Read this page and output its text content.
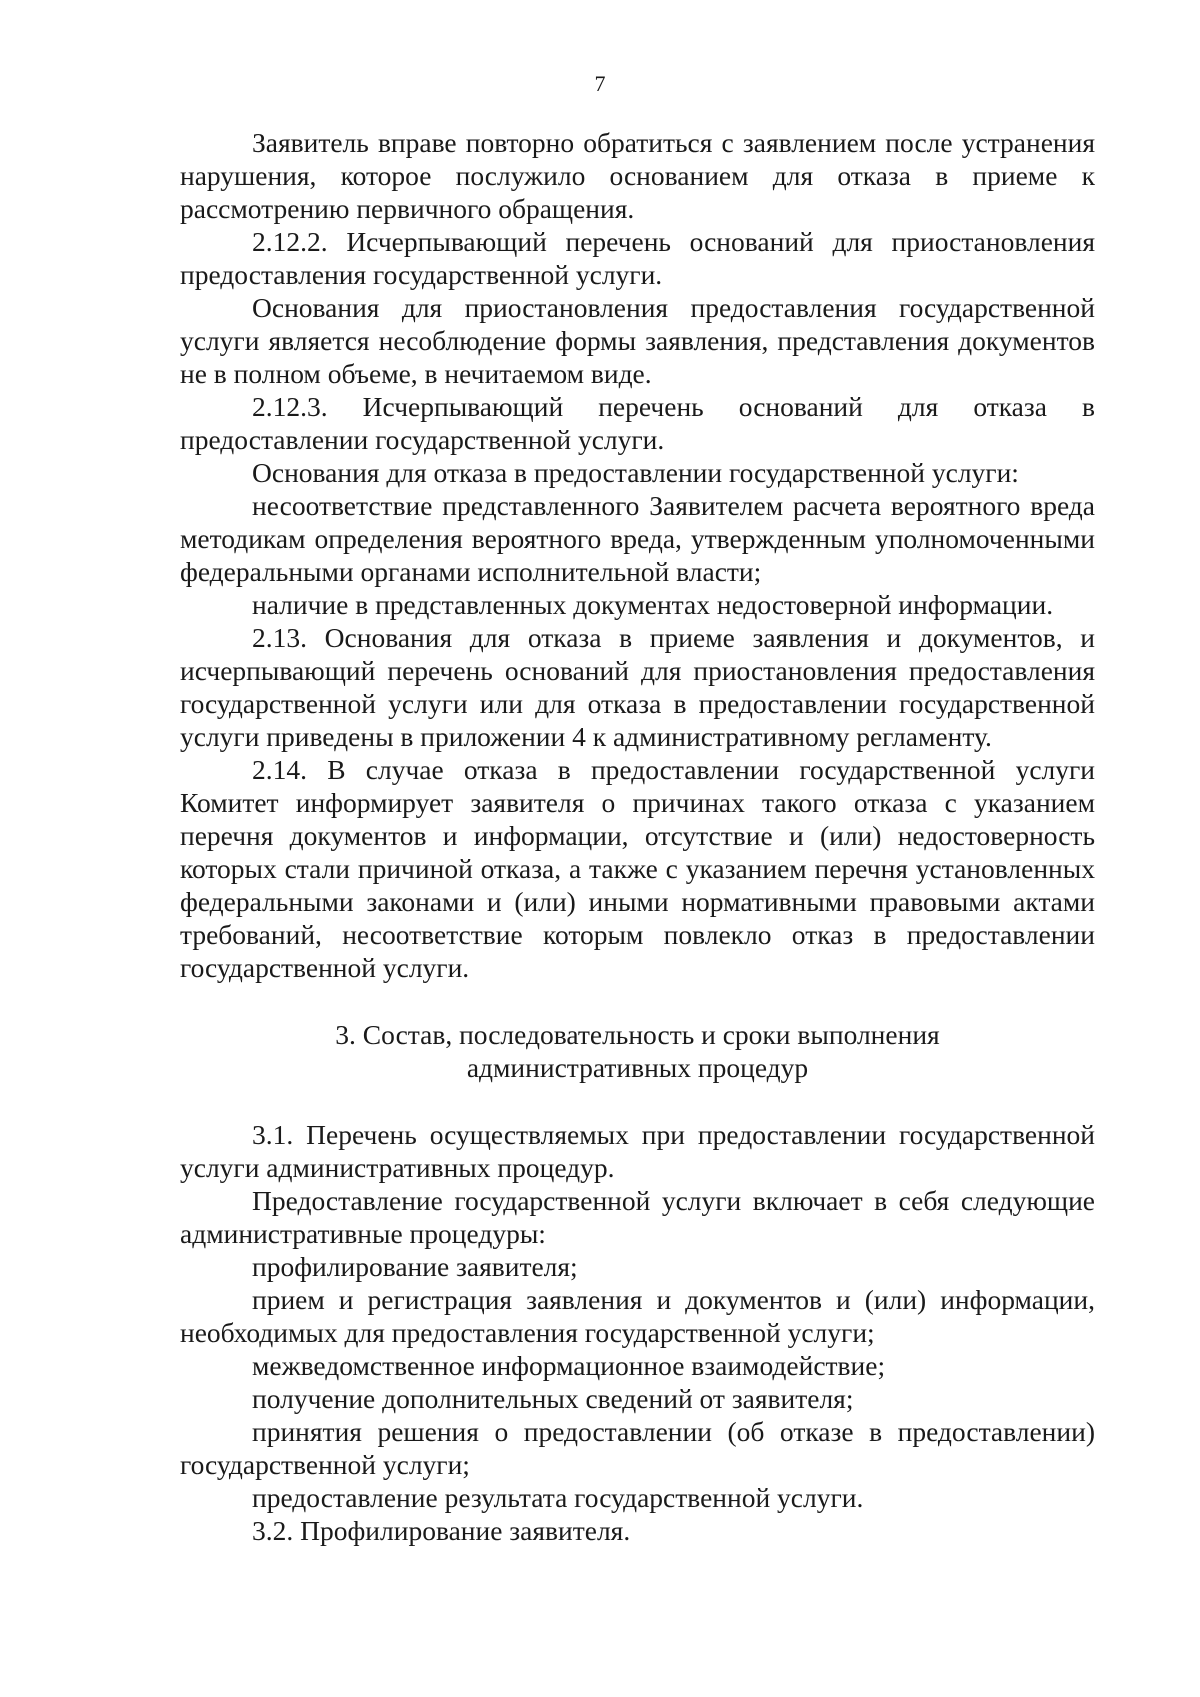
7

Заявитель вправе повторно обратиться с заявлением после устранения нарушения, которое послужило основанием для отказа в приеме к рассмотрению первичного обращения.

2.12.2. Исчерпывающий перечень оснований для приостановления предоставления государственной услуги.

Основания для приостановления предоставления государственной услуги является несоблюдение формы заявления, представления документов не в полном объеме, в нечитаемом виде.

2.12.3. Исчерпывающий перечень оснований для отказа в предоставлении государственной услуги.

Основания для отказа в предоставлении государственной услуги:

несоответствие представленного Заявителем расчета вероятного вреда методикам определения вероятного вреда, утвержденным уполномоченными федеральными органами исполнительной власти;

наличие в представленных документах недостоверной информации.

2.13. Основания для отказа в приеме заявления и документов, и исчерпывающий перечень оснований для приостановления предоставления государственной услуги или для отказа в предоставлении государственной услуги приведены в приложении 4 к административному регламенту.

2.14. В случае отказа в предоставлении государственной услуги Комитет информирует заявителя о причинах такого отказа с указанием перечня документов и информации, отсутствие и (или) недостоверность которых стали причиной отказа, а также с указанием перечня установленных федеральными законами и (или) иными нормативными правовыми актами требований, несоответствие которым повлекло отказ в предоставлении государственной услуги.

3. Состав, последовательность и сроки выполнения административных процедур

3.1. Перечень осуществляемых при предоставлении государственной услуги административных процедур.

Предоставление государственной услуги включает в себя следующие административные процедуры:

профилирование заявителя;

прием и регистрация заявления и документов и (или) информации, необходимых для предоставления государственной услуги;

межведомственное информационное взаимодействие;

получение дополнительных сведений от заявителя;

принятия решения о предоставлении (об отказе в предоставлении) государственной услуги;

предоставление результата государственной услуги.

3.2. Профилирование заявителя.
